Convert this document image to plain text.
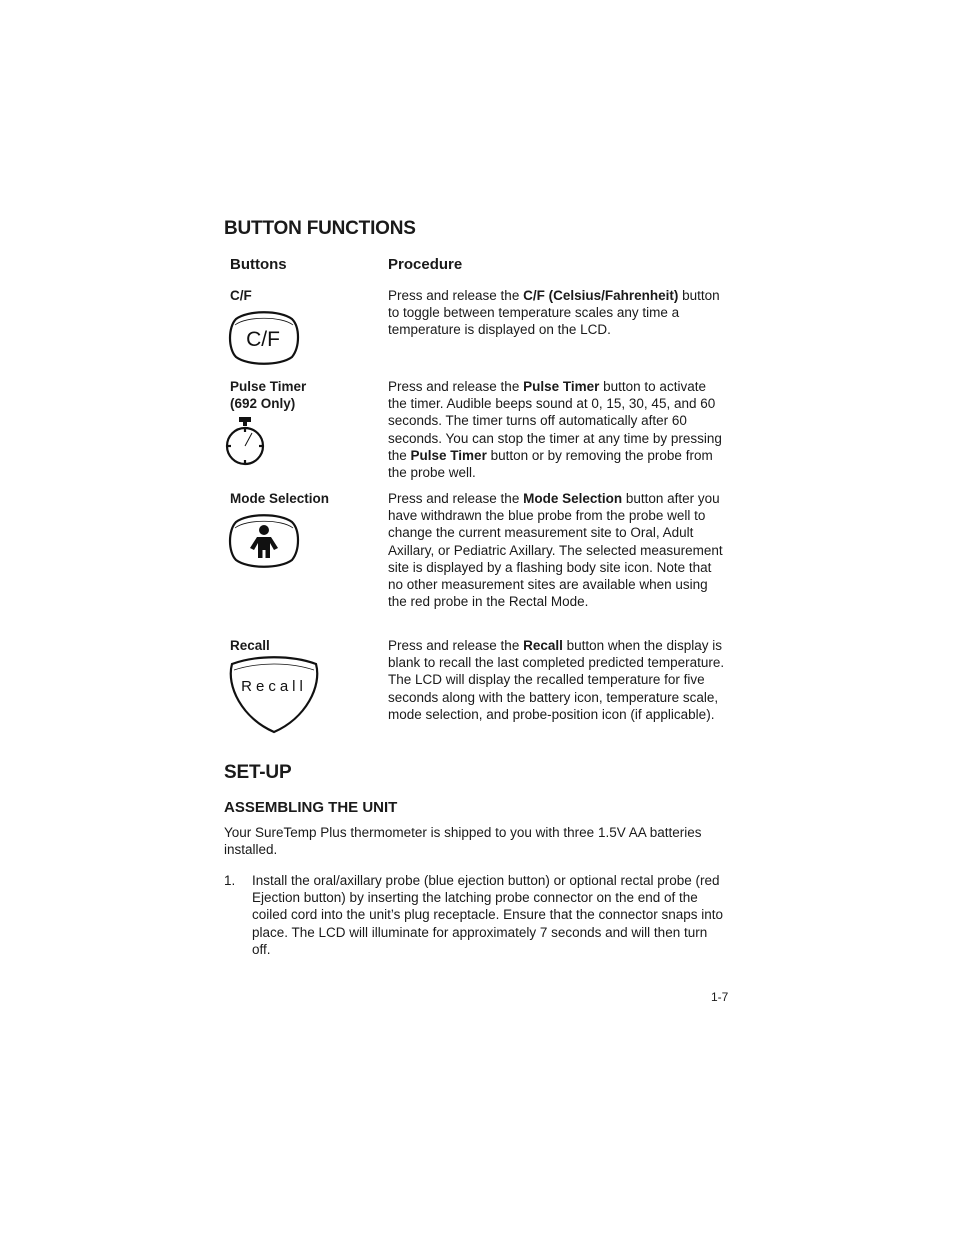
BUTTON FUNCTIONS
Buttons	Procedure
C/F
C/F
Press and release the C/F (Celsius/Fahrenheit) button to toggle between temperature scales any time a temperature is displayed on the LCD.
Pulse Timer
(692 Only)
Press and release the Pulse Timer button to activate the timer. Audible beeps sound at 0, 15, 30, 45, and 60 seconds. The timer turns off automatically after 60 seconds. You can stop the timer at any time by pressing the Pulse Timer button or by removing the probe from the probe well.
Mode Selection	Press and release the Mode Selection button after you have withdrawn the blue probe from the probe well to change the current measurement site to Oral, Adult Axillary, or Pediatric Axillary. The selected measurement site is displayed by a flashing body site icon. Note that no other measurement sites are available when using the red probe in the Rectal Mode.
Recall
Recall
Press and release the Recall button when the display is blank to recall the last completed predicted temperature. The LCD will display the recalled temperature for five seconds along with the battery icon, temperature scale, mode selection, and probe-position icon (if applicable).
SET-UP
ASSEMBLING THE UNIT
Your SureTemp Plus thermometer is shipped to you with three 1.5V AA batteries installed.
1. Install the oral/axillary probe (blue ejection button) or optional rectal probe (red Ejection button) by inserting the latching probe connector on the end of the coiled cord into the unit’s plug receptacle. Ensure that the connector snaps into place. The LCD will illuminate for approximately 7 seconds and will then turn off.
1-7
